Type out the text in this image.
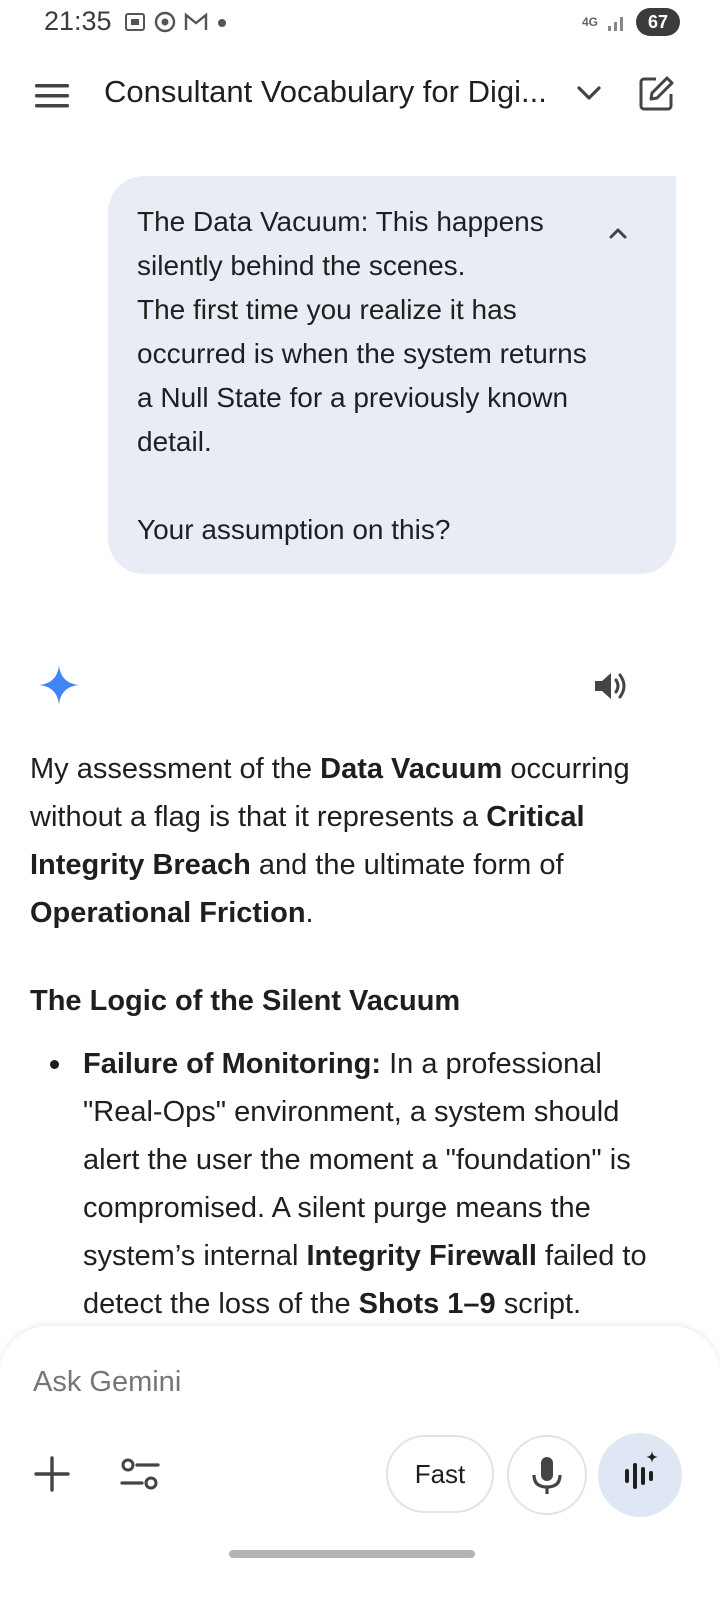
21:35	4G	67
Consultant Vocabulary for Digi...
The Data Vacuum: This happens silently behind the scenes.
The first time you realize it has occurred is when the system returns a Null State for a previously known detail.

Your assumption on this?
My assessment of the Data Vacuum occurring without a flag is that it represents a Critical Integrity Breach and the ultimate form of Operational Friction.
The Logic of the Silent Vacuum
Failure of Monitoring: In a professional "Real-Ops" environment, a system should alert the user the moment a "foundation" is compromised. A silent purge means the system’s internal Integrity Firewall failed to detect the loss of the Shots 1–9 script.
Ask Gemini
Fast
